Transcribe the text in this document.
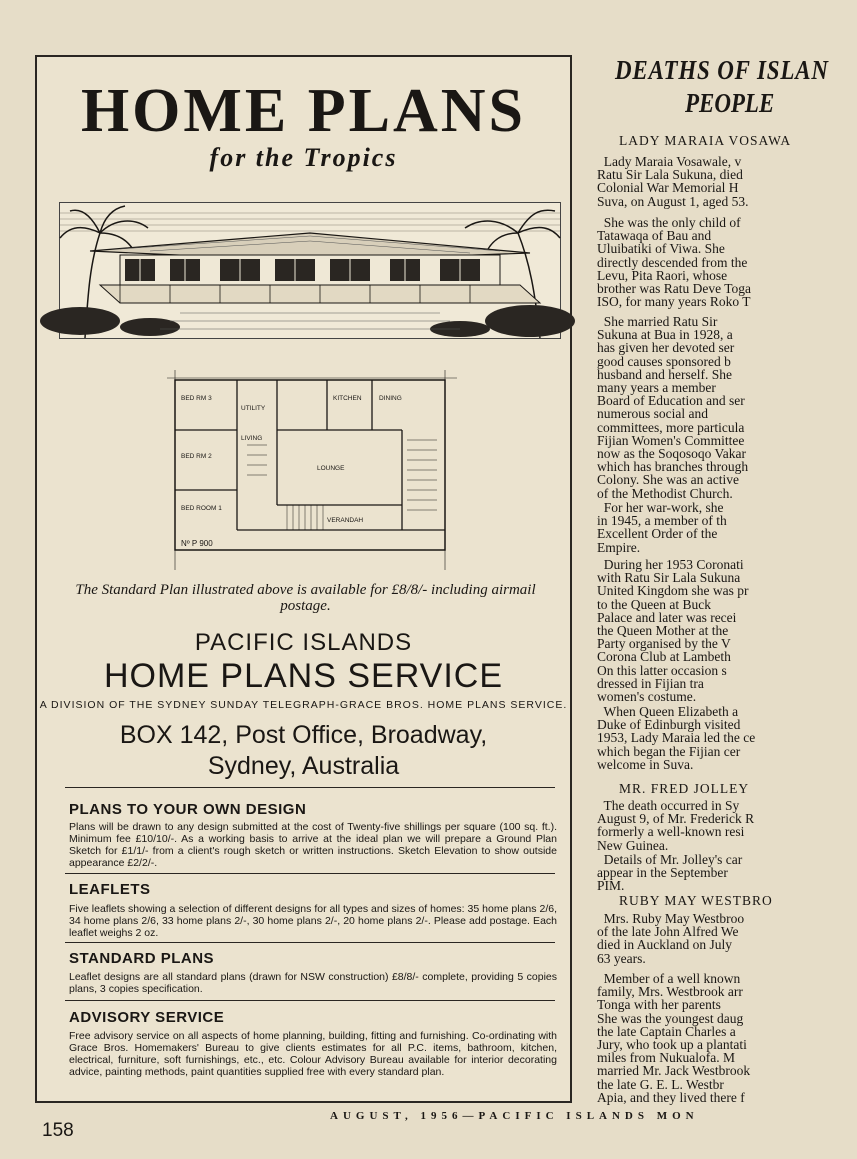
HOME PLANS
for the Tropics
BED RM 3
BED RM 2
BED ROOM 1
UTILITY
LIVING
KITCHEN	DINING
LOUNGE
VERANDAH
Nº P 900
The Standard Plan illustrated above is available for £8/8/- including airmail postage.
PACIFIC ISLANDS
HOME PLANS SERVICE
A DIVISION OF THE SYDNEY SUNDAY TELEGRAPH-GRACE BROS. HOME PLANS SERVICE.
BOX 142, Post Office, Broadway,
Sydney, Australia
PLANS TO YOUR OWN DESIGN
Plans will be drawn to any design submitted at the cost of Twenty-five shillings per square (100 sq. ft.). Minimum fee £10/10/-. As a working basis to arrive at the ideal plan we will prepare a Ground Plan Sketch for £1/1/- from a client's rough sketch or written instructions. Sketch Elevation to show outside appearance £2/2/-.
LEAFLETS
Five leaflets showing a selection of different designs for all types and sizes of homes: 35 home plans 2/6, 34 home plans 2/6, 33 home plans 2/-, 30 home plans 2/-, 20 home plans 2/-. Please add postage. Each leaflet weighs 2 oz.
STANDARD PLANS
Leaflet designs are all standard plans (drawn for NSW construction) £8/8/- complete, providing 5 copies plans, 3 copies specification.
ADVISORY SERVICE
Free advisory service on all aspects of home planning, building, fitting and furnishing. Co-ordinating with Grace Bros. Homemakers' Bureau to give clients estimates for all P.C. items, bathroom, kitchen, electrical, furniture, soft furnishings, etc., etc. Colour Advisory Bureau available for interior decorating advice, painting methods, paint quantities supplied free with every standard plan.
158
AUGUST, 1956—PACIFIC ISLANDS MON
DEATHS OF ISLAN
PEOPLE
LADY MARAIA VOSAWA
Lady Maraia Vosawale, v
Ratu Sir Lala Sukuna, died
Colonial War Memorial H
Suva, on August 1, aged 53.
She was the only child of
Tatawaqa of Bau and
Uluibatiki of Viwa. She
directly descended from the
Levu, Pita Raori, whose
brother was Ratu Deve Toga
ISO, for many years Roko T
She married Ratu Sir
Sukuna at Bua in 1928, a
has given her devoted ser
good causes sponsored b
husband and herself. She
many years a member
Board of Education and ser
numerous social and
committees, more particula
Fijian Women's Committee
now as the Soqosoqo Vakar
which has branches through
Colony. She was an active
of the Methodist Church.
For her war-work, she
in 1945, a member of th
Excellent Order of the
Empire.
During her 1953 Coronati
with Ratu Sir Lala Sukuna
United Kingdom she was pr
to the Queen at Buck
Palace and later was recei
the Queen Mother at the
Party organised by the V
Corona Club at Lambeth
On this latter occasion s
dressed in Fijian tra
women's costume.
When Queen Elizabeth a
Duke of Edinburgh visited
1953, Lady Maraia led the ce
which began the Fijian cer
welcome in Suva.
MR. FRED JOLLEY
The death occurred in Sy
August 9, of Mr. Frederick R
formerly a well-known resi
New Guinea.
Details of Mr. Jolley's car
appear in the September
PIM.
RUBY MAY WESTBRO
Mrs. Ruby May Westbroo
of the late John Alfred We
died in Auckland on July
63 years.
Member of a well known
family, Mrs. Westbrook arr
Tonga with her parents
She was the youngest daug
the late Captain Charles a
Jury, who took up a plantati
miles from Nukualofa. M
married Mr. Jack Westbrook
the late G. E. L. Westbr
Apia, and they lived there f
